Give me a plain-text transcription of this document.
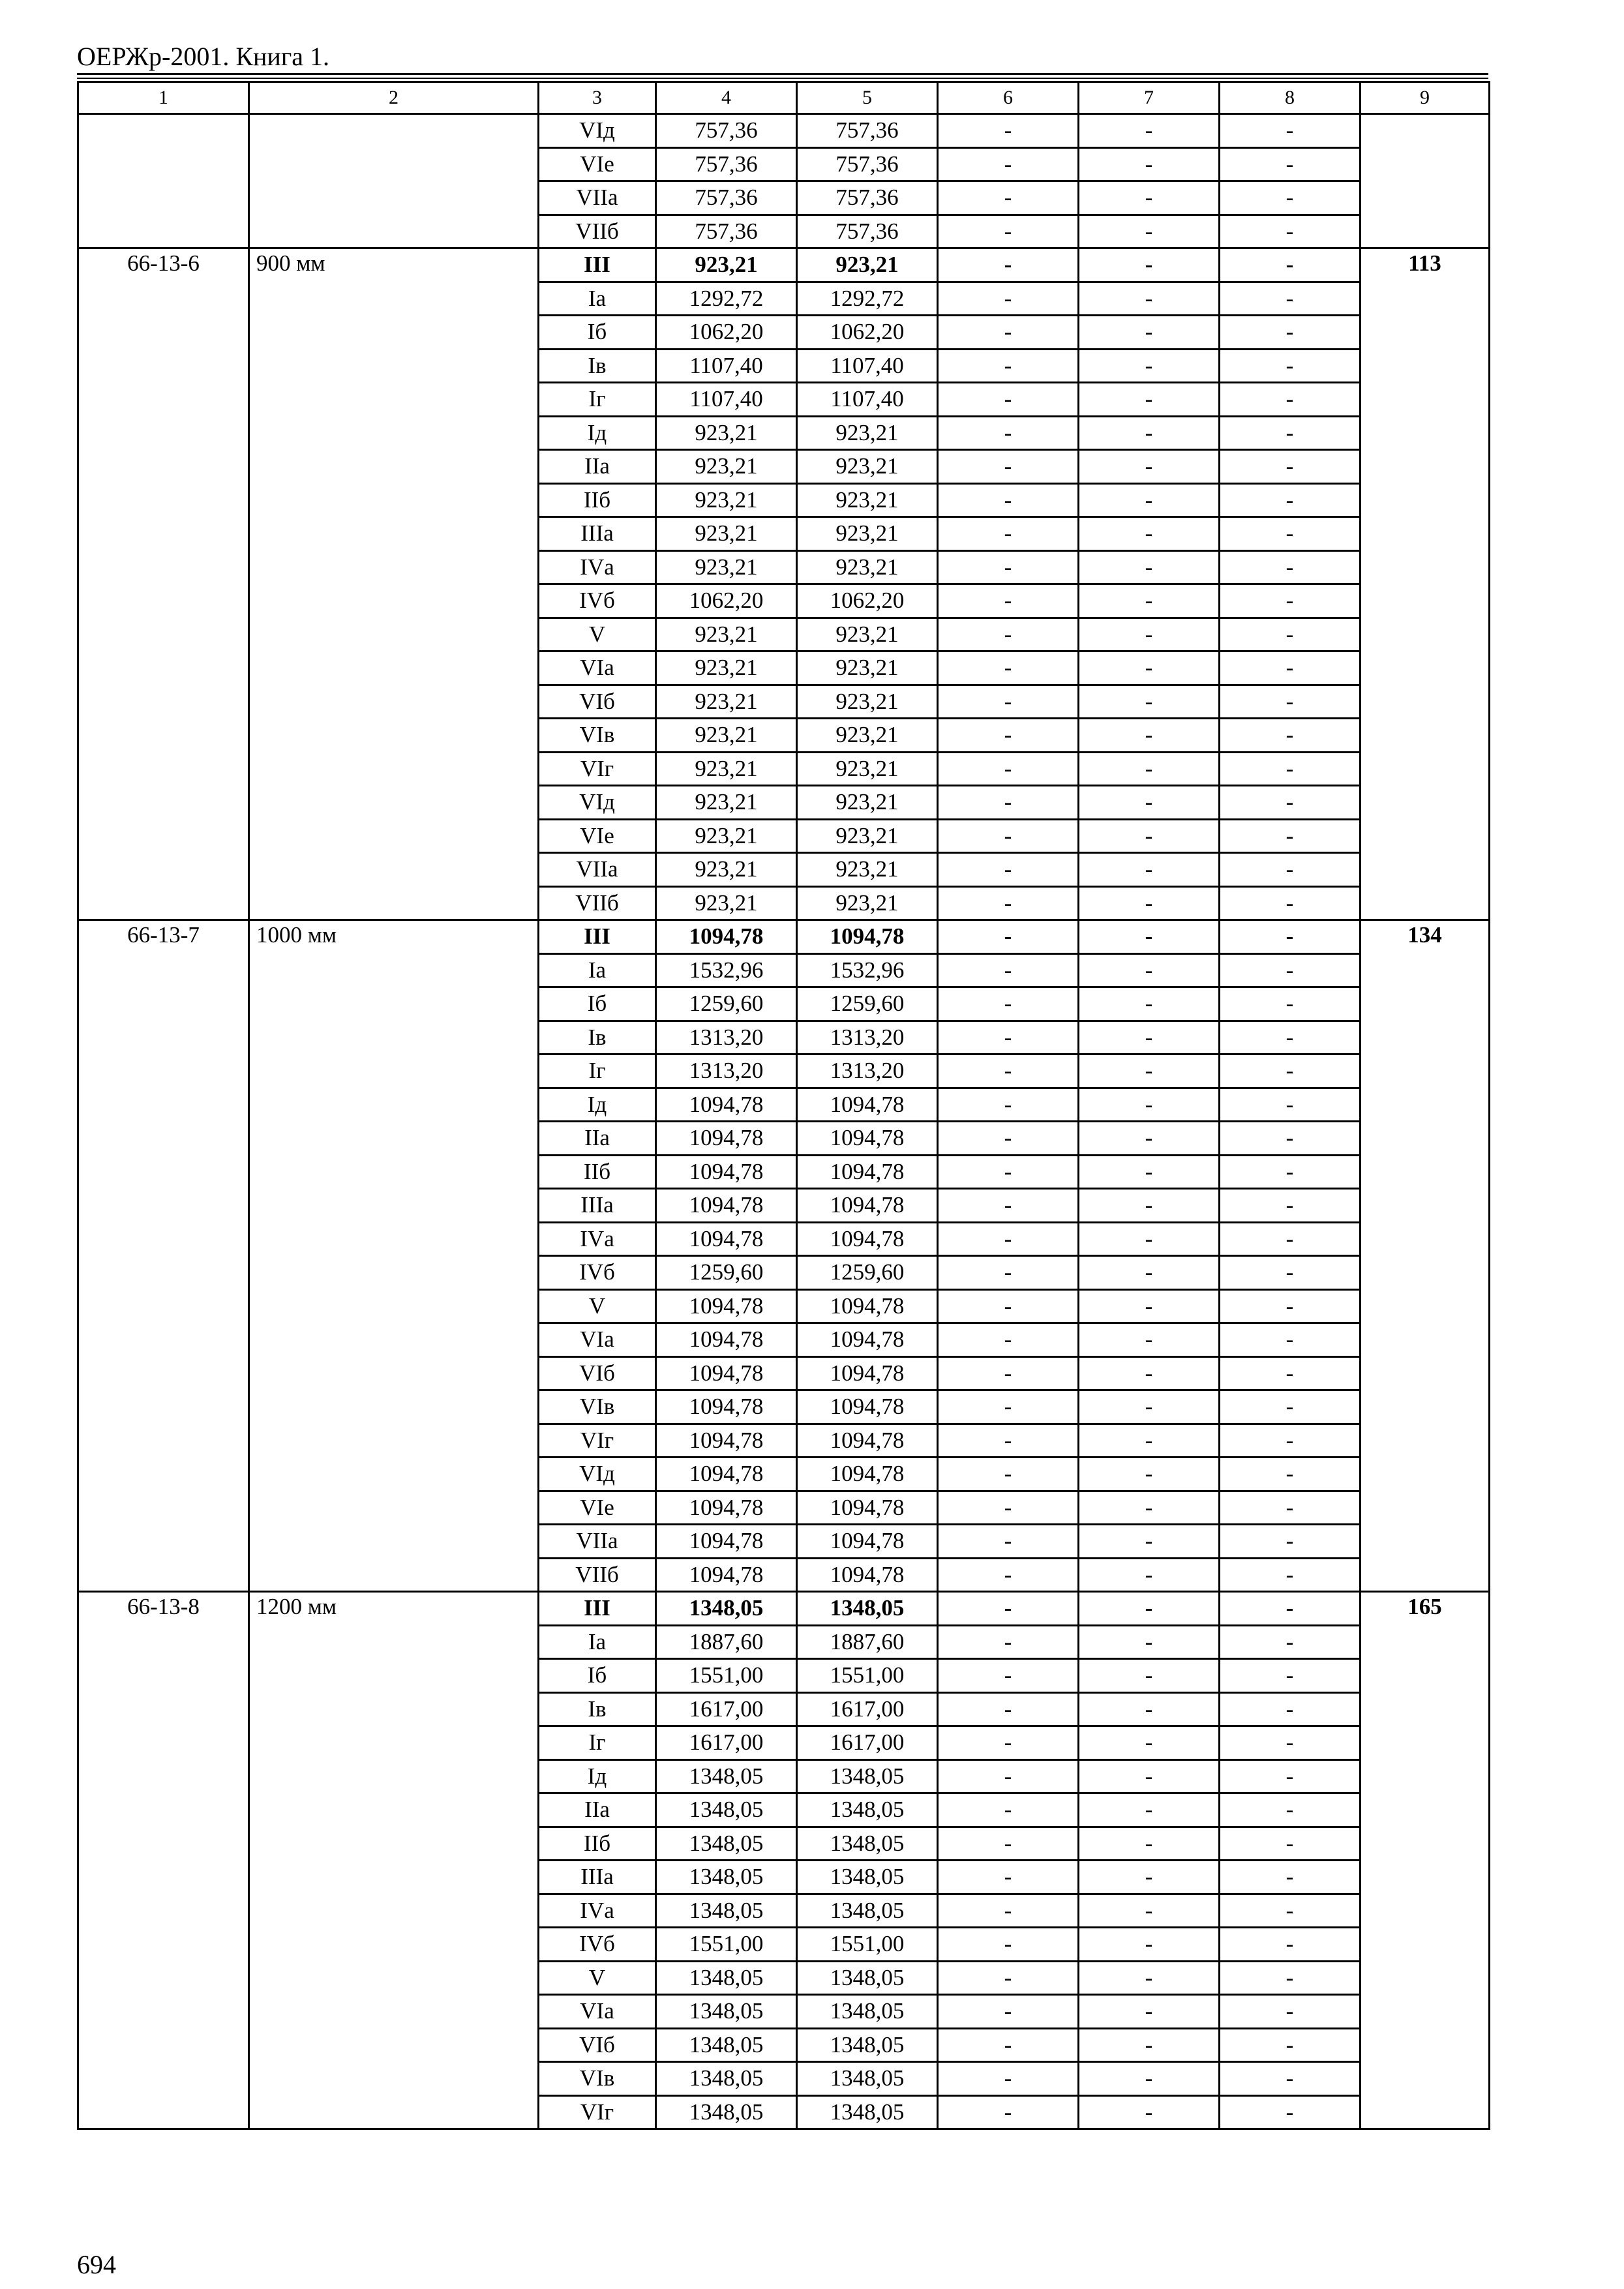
ОЕРЖр-2001. Книга 1.
1	2	3	4	5	6	7	8	9
		VIд	757,36	757,36	-	-	-	
		VIе	757,36	757,36	-	-	-	
		VIIа	757,36	757,36	-	-	-	
		VIIб	757,36	757,36	-	-	-	
66-13-6	900 мм	III	923,21	923,21	-	-	-	113
		Iа	1292,72	1292,72	-	-	-	
		Iб	1062,20	1062,20	-	-	-	
		Iв	1107,40	1107,40	-	-	-	
		Iг	1107,40	1107,40	-	-	-	
		Iд	923,21	923,21	-	-	-	
		IIа	923,21	923,21	-	-	-	
		IIб	923,21	923,21	-	-	-	
		IIIа	923,21	923,21	-	-	-	
		IVа	923,21	923,21	-	-	-	
		IVб	1062,20	1062,20	-	-	-	
		V	923,21	923,21	-	-	-	
		VIа	923,21	923,21	-	-	-	
		VIб	923,21	923,21	-	-	-	
		VIв	923,21	923,21	-	-	-	
		VIг	923,21	923,21	-	-	-	
		VIд	923,21	923,21	-	-	-	
		VIе	923,21	923,21	-	-	-	
		VIIа	923,21	923,21	-	-	-	
		VIIб	923,21	923,21	-	-	-	
66-13-7	1000 мм	III	1094,78	1094,78	-	-	-	134
		Iа	1532,96	1532,96	-	-	-	
		Iб	1259,60	1259,60	-	-	-	
		Iв	1313,20	1313,20	-	-	-	
		Iг	1313,20	1313,20	-	-	-	
		Iд	1094,78	1094,78	-	-	-	
		IIа	1094,78	1094,78	-	-	-	
		IIб	1094,78	1094,78	-	-	-	
		IIIа	1094,78	1094,78	-	-	-	
		IVа	1094,78	1094,78	-	-	-	
		IVб	1259,60	1259,60	-	-	-	
		V	1094,78	1094,78	-	-	-	
		VIа	1094,78	1094,78	-	-	-	
		VIб	1094,78	1094,78	-	-	-	
		VIв	1094,78	1094,78	-	-	-	
		VIг	1094,78	1094,78	-	-	-	
		VIд	1094,78	1094,78	-	-	-	
		VIе	1094,78	1094,78	-	-	-	
		VIIа	1094,78	1094,78	-	-	-	
		VIIб	1094,78	1094,78	-	-	-	
66-13-8	1200 мм	III	1348,05	1348,05	-	-	-	165
		Iа	1887,60	1887,60	-	-	-	
		Iб	1551,00	1551,00	-	-	-	
		Iв	1617,00	1617,00	-	-	-	
		Iг	1617,00	1617,00	-	-	-	
		Iд	1348,05	1348,05	-	-	-	
		IIа	1348,05	1348,05	-	-	-	
		IIб	1348,05	1348,05	-	-	-	
		IIIа	1348,05	1348,05	-	-	-	
		IVа	1348,05	1348,05	-	-	-	
		IVб	1551,00	1551,00	-	-	-	
		V	1348,05	1348,05	-	-	-	
		VIа	1348,05	1348,05	-	-	-	
		VIб	1348,05	1348,05	-	-	-	
		VIв	1348,05	1348,05	-	-	-	
		VIг	1348,05	1348,05	-	-	-	
694
